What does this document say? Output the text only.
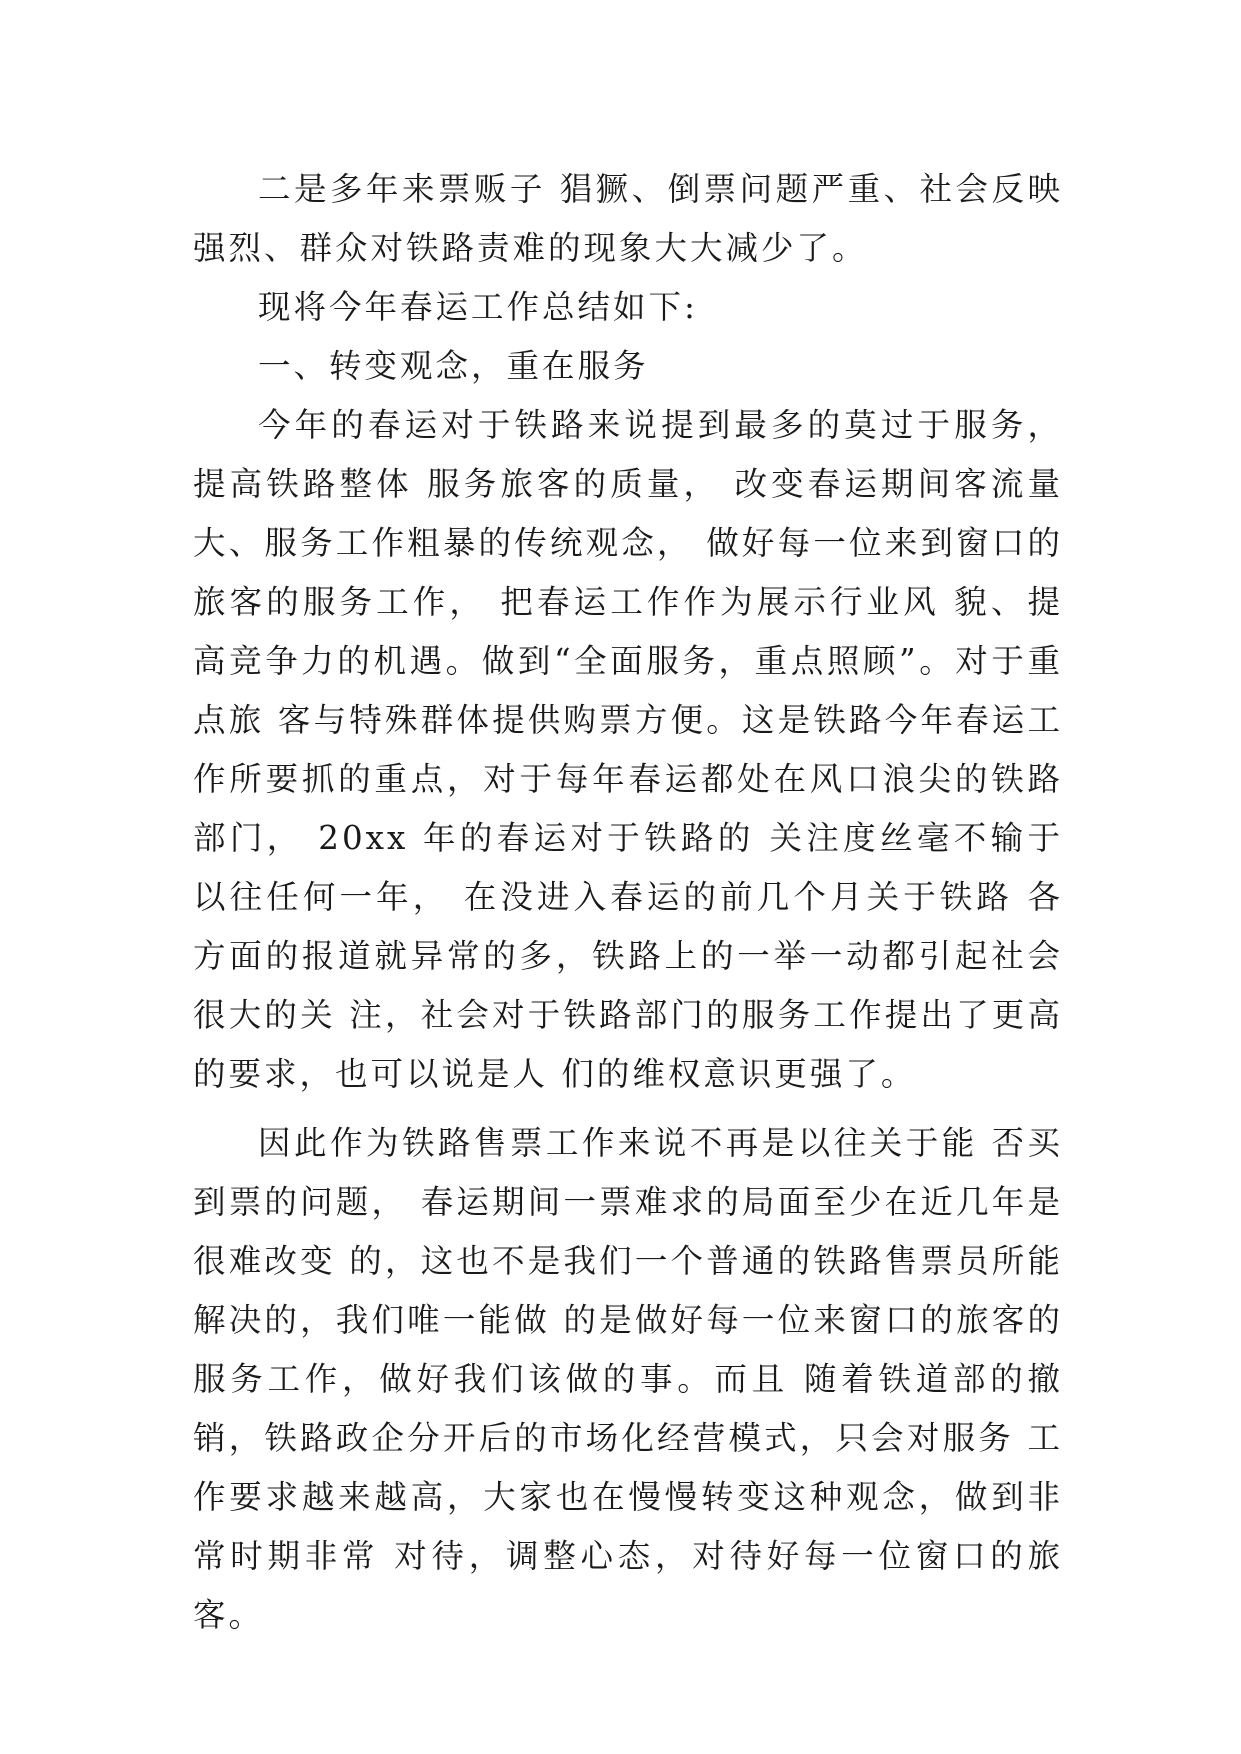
二是多年来票贩子 猖獗、倒票问题严重、社会反映强烈、群众对铁路责难的现象大大减少了。

现将今年春运工作总结如下:

一、转变观念，重在服务

今年的春运对于铁路来说提到最多的莫过于服务， 提高铁路整体 服务旅客的质量， 改变春运期间客流量大、服务工作粗暴的传统观念， 做好每一位来到窗口的旅客的服务工作， 把春运工作作为展示行业风 貌、提高竞争力的机遇。做到“全面服务，重点照顾”。对于重点旅 客与特殊群体提供购票方便。这是铁路今年春运工作所要抓的重点，对于每年春运都处在风口浪尖的铁路部门， 20xx 年的春运对于铁路的 关注度丝毫不输于以往任何一年， 在没进入春运的前几个月关于铁路 各方面的报道就异常的多，铁路上的一举一动都引起社会很大的关 注，社会对于铁路部门的服务工作提出了更高的要求，也可以说是人 们的维权意识更强了。

因此作为铁路售票工作来说不再是以往关于能 否买到票的问题， 春运期间一票难求的局面至少在近几年是很难改变 的，这也不是我们一个普通的铁路售票员所能解决的，我们唯一能做 的是做好每一位来窗口的旅客的服务工作，做好我们该做的事。而且 随着铁道部的撤销，铁路政企分开后的市场化经营模式，只会对服务 工作要求越来越高，大家也在慢慢转变这种观念，做到非常时期非常 对待，调整心态，对待好每一位窗口的旅客。
